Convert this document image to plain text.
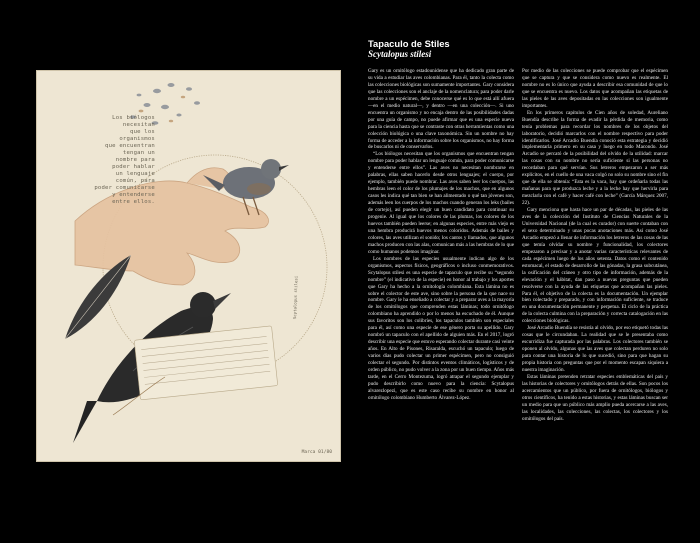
Los biólogos
necesitan
que los
organismos
que encuentran
tengan un
nombre para
poder hablar
un lenguaje
común, para
poder comunicarse
y entenderse
entre ellos.
Scytalopus stilesi
Marca 01/80
Tapaculo de Stiles
Scytalopus stilesi

Gary es un ornitólogo estadounidense que ha dedicado gran parte de su vida a estudiar las aves colombianas. Para él, tanto la colecta como las colecciones biológicas son sumamente importantes. Gary considera que las colecciones son el anclaje de la nomenclatura; para poder darle nombre a un espécimen, debe conocerse qué es lo que está allí afuera —en el medio natural—, y dentro —en una colección—. Si uno encuentra un organismo y no encaja dentro de las posibilidades dadas por una guía de campo, no puede afirmar que es una especie nueva para la ciencia hasta que se contraste con otras herramientas como una colección biológica o una clave taxonómica. Sin un nombre no hay forma de acceder a la información sobre los organismos, no hay forma de buscarlos ni de conservarlos.

“Los biólogos necesitan que los organismos que encuentran tengan nombre para poder hablar un lenguaje común, para poder comunicarse y entenderse entre ellos”. Las aves no necesitan nombrarse en palabras, ellas saben hacerlo desde otros lenguajes; el cuerpo, por ejemplo, también puede nombrar. Las aves saben leer los cuerpos, las hembras leen el color de los plumajes de los machos, que en algunos casos les indica qué tan bien se han alimentado o qué tan jóvenes son, además leen los cuerpos de los machos cuando generan los leks (bailes de cortejo), así pueden elegir un buen candidato para continuar su progenie. Al igual que los colores de las plumas, los colores de los huevos también pueden leerse; en algunas especies, entre más viejo es una hembra producirá huevos menos coloridos. Además de bailes y colores, las aves utilizan el sonido; los cantos y llamados, que algunos machos producen con las alas, comunican más a las hembras de lo que como humanos podemos imaginar.

Los nombres de las especies usualmente indican algo de los organismos, aspectos físicos, geográficos o incluso conmemorativos. Scytalopus stilesi es una especie de tapaculo que recibe su “segundo nombre” (el indicativo de la especie) en honor al trabajo y los aportes que Gary ha hecho a la ornitología colombiana. Esta lámina no es sobre el colector de este ave, sino sobre la persona de la que nace su nombre. Gary le ha enseñado a colectar y a preparar aves a la mayoría de los ornitólogos que comprenden estas láminas; todo ornitólogo colombiano ha aprendido o por lo menos ha escuchado de él. Aunque sus favoritos son los colibríes, los tapaculos también son especiales para él, así como una especie de ese género porta su apellido. Gary nombró un tapaculo con el apellido de alguien más. En el 2017, logró describir una especie que estuvo esperando colectar durante casi veinte años. En Alto de Pisones, Risaralda, escuchó un tapaculo; luego de varios días pudo colectar un primer espécimen, pero no consiguió colectar el segundo. Por distintos eventos climáticos, logísticos y de orden público, no pudo volver a la zona por un buen tiempo. Años más tarde, en el Cerro Montezuma, logró atrapar el segundo ejemplar y pudo describirlo como nuevo para la ciencia: Scytalopus alvarezlopezi, que es este caso recibe su nombre en honor al ornitólogo colombiano Humberto Álvarez-López.

Por medio de las colecciones se puede comprobar que el espécimen que se captura y que se considera como nuevo es realmente. El nombre no es lo único que ayuda a describir esa comunidad de que lo que se encuentra es nuevo. Los datos que acompañan las etiquetas de las pieles de las aves depositadas en las colecciones son igualmente importantes.

En los primeros capítulos de Cien años de soledad, Aureliano Buendía describe la forma de evadir la pérdida de memoria, como tenía problemas para recordar los nombres de los objetos del laboratorio, decidió marcarlos con el nombre respectivo para poder identificarlos. José Arcadio Buendía conoció esta estrategia y decidió implementarla primero en su casa y luego en todo Macondo. José Arcadio se percató de la posibilidad del olvido de la utilidad: marcar las cosas con su nombre no sería suficiente si las personas no recordaban para qué servían. Sus letreros empezaron a ser más explícitos, en el cuello de una vaca colgó no solo su nombre sino el fin que de ella se obtenía: “Esta es la vaca, hay que ordeñarla todas las mañanas para que produzca leche y a la leche hay que hervirla para mezclarla con el café y hacer café con leche” (García Márquez 2007, 22).

Gary menciona que hasta hace un par de décadas, las pieles de las aves de la colección del Instituto de Ciencias Naturales de la Universidad Nacional (de la cual es curador) con suerte contaban con el sexo determinado y unas pocas anotaciones más. Así como José Arcadio empezó a llenar de información los letreros de las cosas de las que temía olvidar su nombre y funcionalidad, los colectores empezaron a precisar y a anotar varias características relevantes de cada espécimen luego de los años setenta. Datos como el contenido estomacal, el estado de desarrollo de las gónadas, la grasa subcutánea, la osificación del cráneo y otro tipo de información, además de la elevación y el hábitat, dan paso a nuevas preguntas que pueden resolverse con la ayuda de las etiquetas que acompañan las pieles. Para él, el objetivo de la colecta es la documentación. Un ejemplar bien colectado y preparado, y con información suficiente, se traduce en una documentación permanente y perpetua. El ciclo de la práctica de la colecta culmina con la preparación y correcta catalogación en las colecciones biológicas.

José Arcadio Buendía se resistía al olvido, por eso etiquetó todas las cosas que le circundaban. La realidad que se le presentaba como escurridiza fue capturada por las palabras. Los colectores también se oponen al olvido, algunas que las aves que colectan perduren no solo para contar una historia de lo que sucedió, sino para que hagan su propia historia con preguntas que por el momento escapan siquiera a nuestra imaginación.

Estas láminas pretenden retratar especies emblemáticas del país y las historias de colectores y ornitólogos detrás de ellas. Son pocos los acercamientos que un público, por fuera de ornitólogos, biólogos y otros científicos, ha tenido a estas historias, y estas láminas buscan ser un medio para que un público más amplio pueda acercarse a las aves, las localidades, las colecciones, las colectas, los colectores y los ornitólogos del país.
